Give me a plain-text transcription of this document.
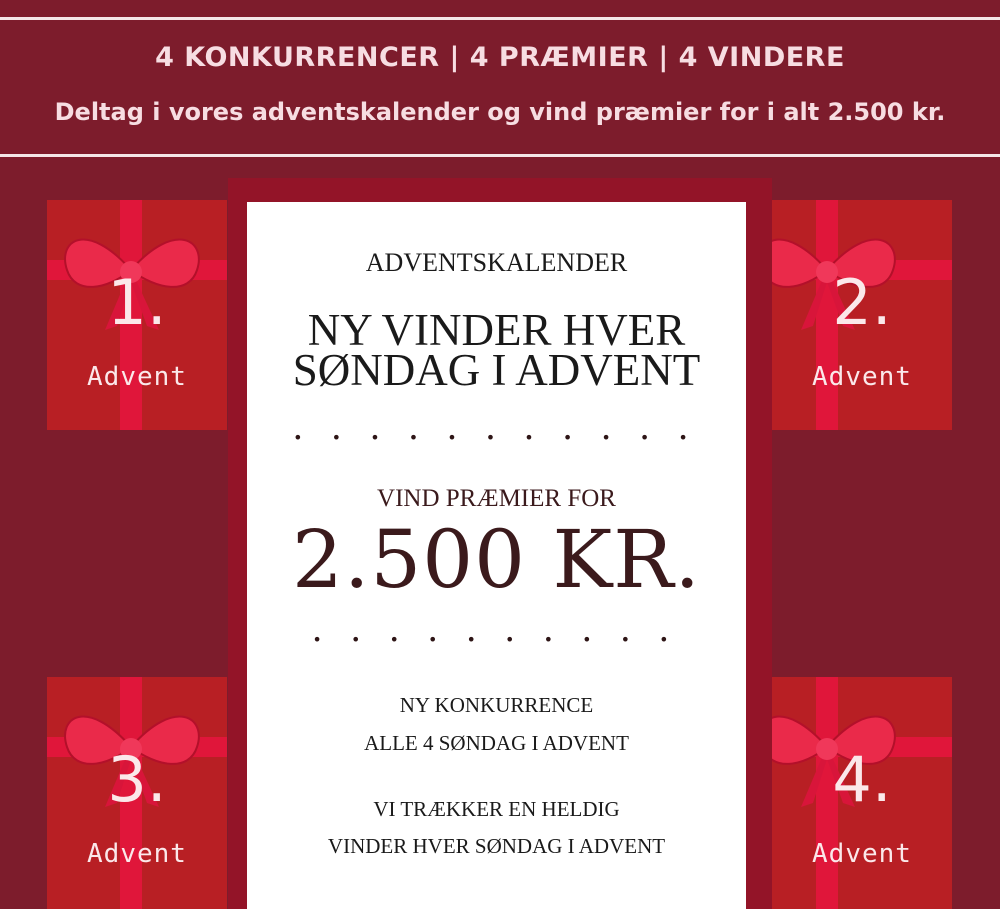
4 KONKURRENCER | 4 PRÆMIER | 4 VINDERE
Deltag i vores adventskalender og vind præmier for i alt 2.500 kr.
ADVENTSKALENDER
NY VINDER HVER
SØNDAG I ADVENT
• • • • • • • • • • •
VIND PRÆMIER FOR
2.500 KR.
• • • • • • • • • •
NY KONKURRENCE
ALLE 4 SØNDAG I ADVENT
VI TRÆKKER EN HELDIG
VINDER HVER SØNDAG I ADVENT
1.
Advent
2.
Advent
3.
Advent
4.
Advent
